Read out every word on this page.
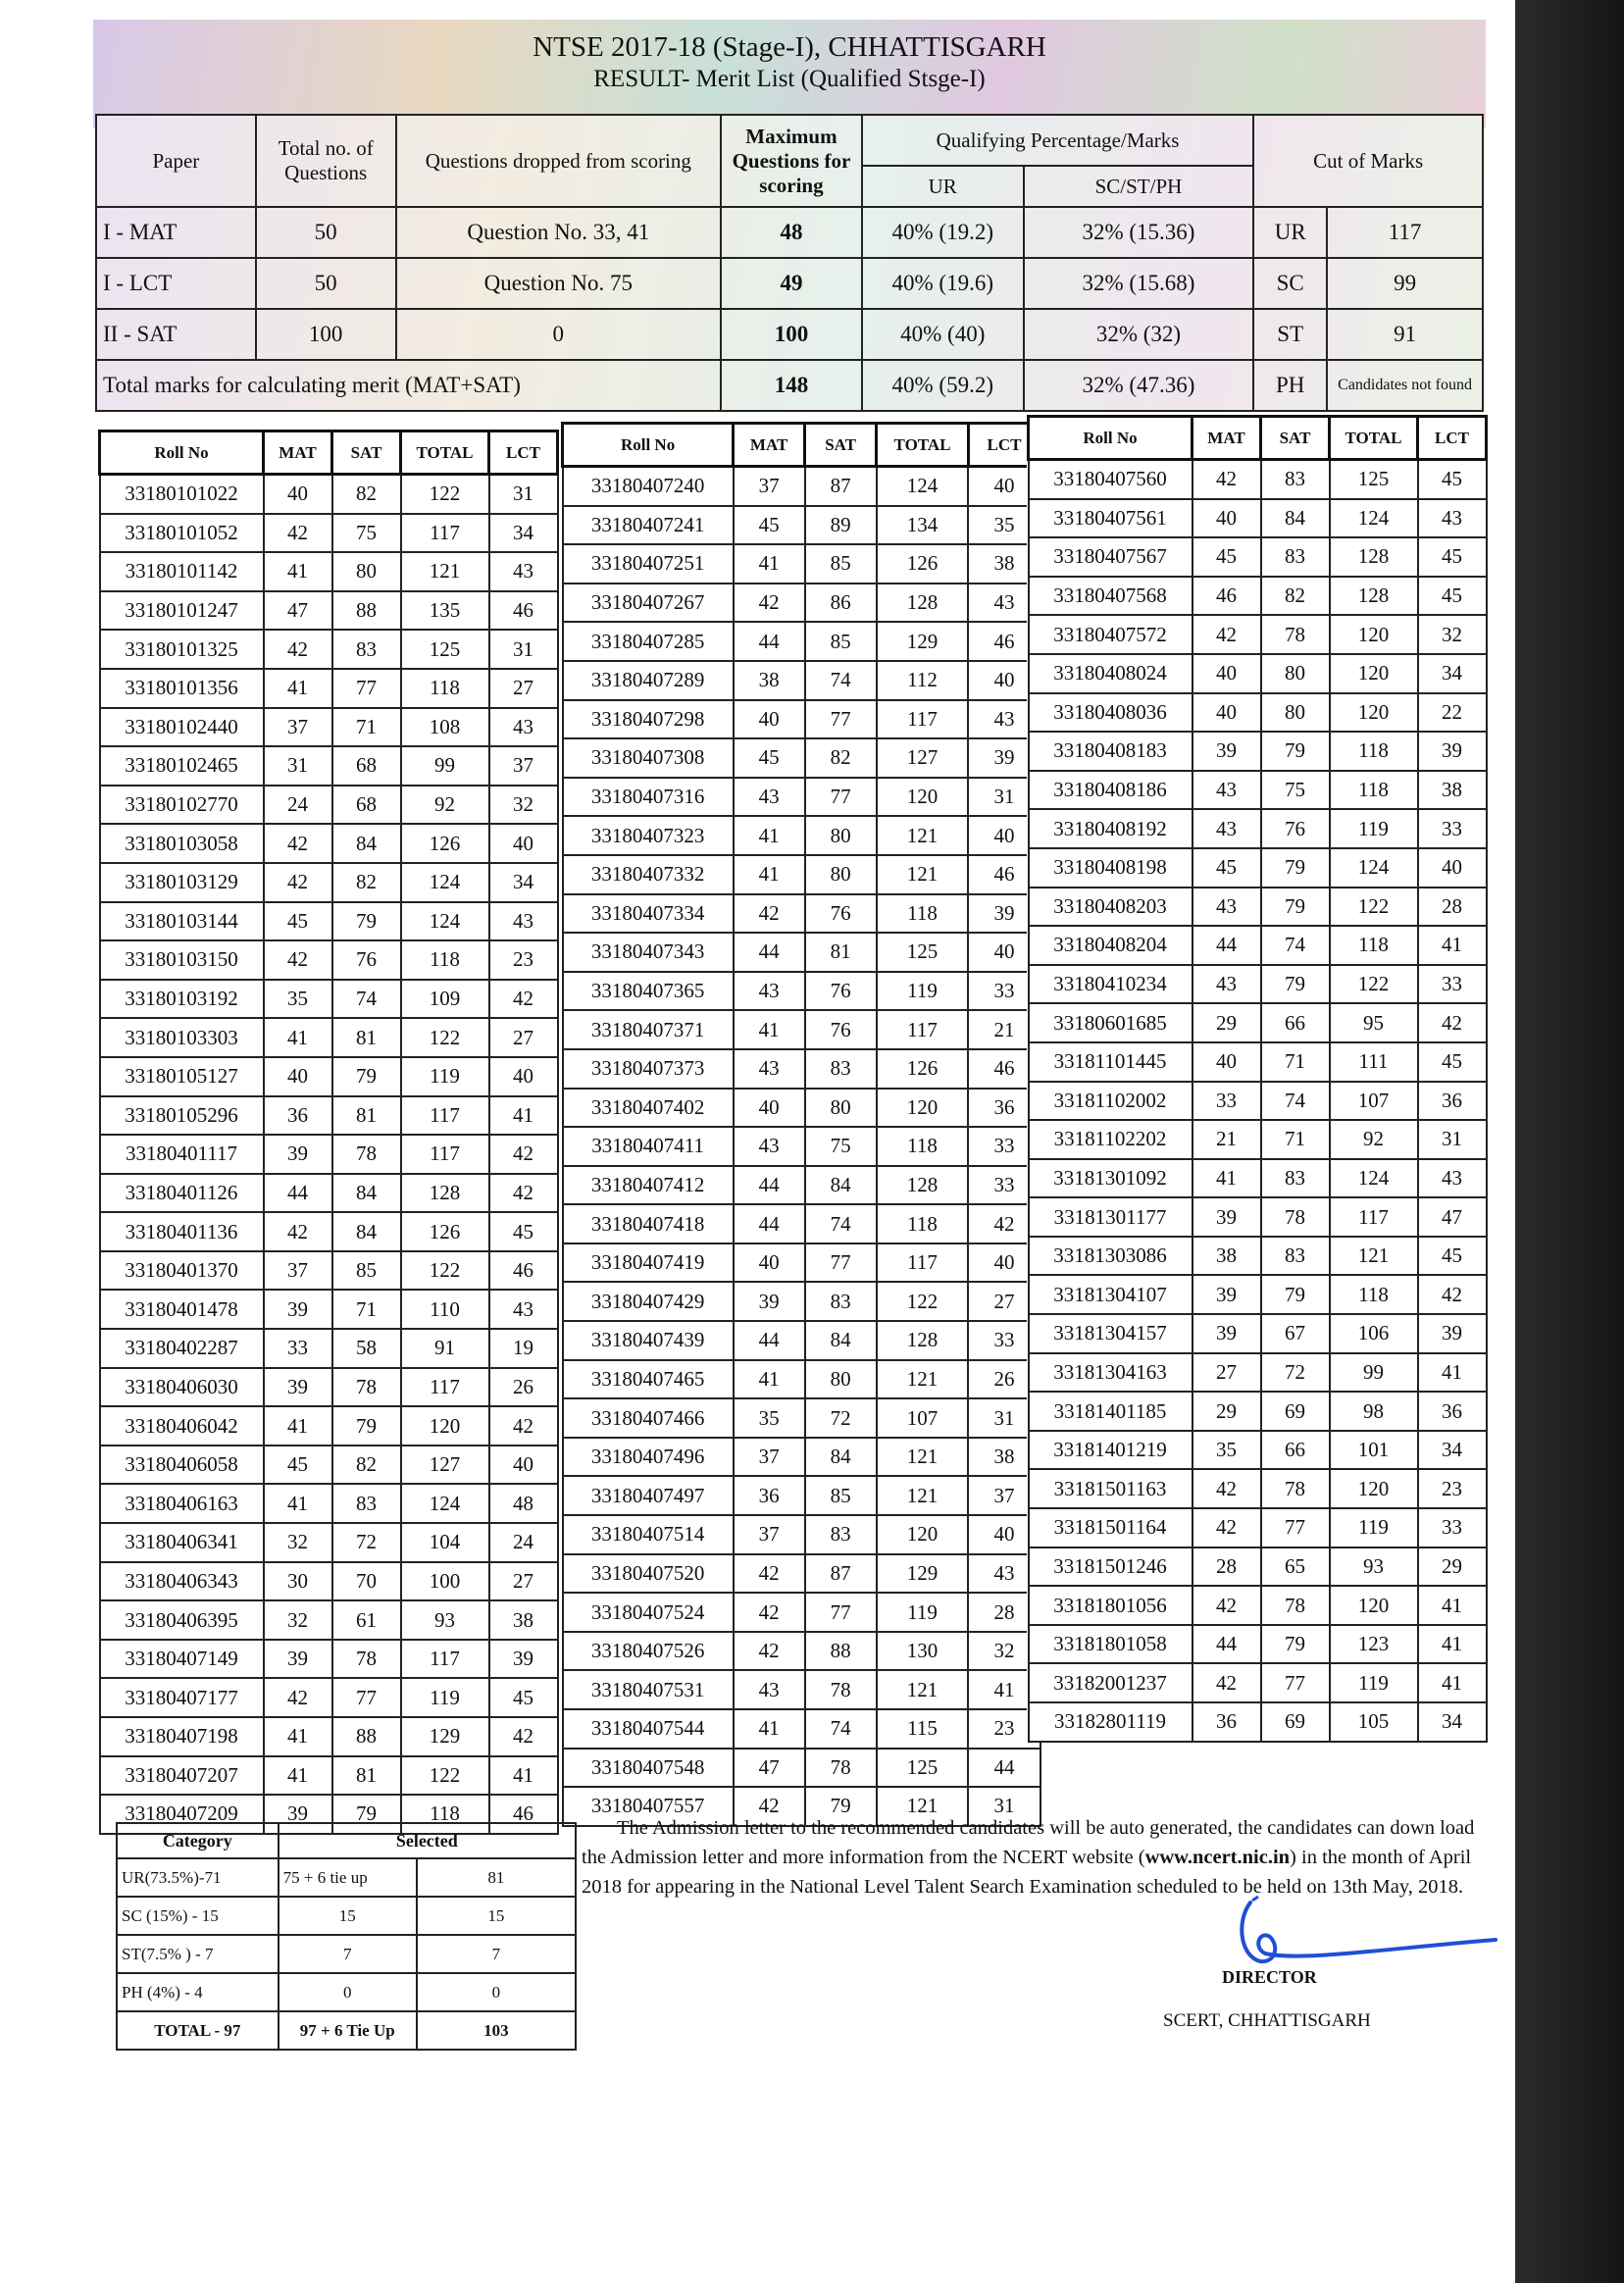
NTSE 2017-18 (Stage-I), CHHATTISGARH
RESULT- Merit List (Qualified Stsge-I)
Paper	Total no. of Questions	Questions dropped from scoring	Maximum Questions for scoring	Qualifying Percentage/Marks		Cut of Marks	
				UR	SC/ST/PH		
I - MAT	50	Question No. 33, 41	48	40% (19.2)	32% (15.36)	UR	117
I - LCT	50	Question No. 75	49	40% (19.6)	32% (15.68)	SC	99
II - SAT	100	0	100	40% (40)	32% (32)	ST	91
Total marks for calculating merit (MAT+SAT)			148	40% (59.2)	32% (47.36)	PH	Candidates not found
Roll No	MAT	SAT	TOTAL	LCT
33180101022	40	82	122	31
33180101052	42	75	117	34
33180101142	41	80	121	43
33180101247	47	88	135	46
33180101325	42	83	125	31
33180101356	41	77	118	27
33180102440	37	71	108	43
33180102465	31	68	99	37
33180102770	24	68	92	32
33180103058	42	84	126	40
33180103129	42	82	124	34
33180103144	45	79	124	43
33180103150	42	76	118	23
33180103192	35	74	109	42
33180103303	41	81	122	27
33180105127	40	79	119	40
33180105296	36	81	117	41
33180401117	39	78	117	42
33180401126	44	84	128	42
33180401136	42	84	126	45
33180401370	37	85	122	46
33180401478	39	71	110	43
33180402287	33	58	91	19
33180406030	39	78	117	26
33180406042	41	79	120	42
33180406058	45	82	127	40
33180406163	41	83	124	48
33180406341	32	72	104	24
33180406343	30	70	100	27
33180406395	32	61	93	38
33180407149	39	78	117	39
33180407177	42	77	119	45
33180407198	41	88	129	42
33180407207	41	81	122	41
33180407209	39	79	118	46
Roll No	MAT	SAT	TOTAL	LCT
33180407240	37	87	124	40
33180407241	45	89	134	35
33180407251	41	85	126	38
33180407267	42	86	128	43
33180407285	44	85	129	46
33180407289	38	74	112	40
33180407298	40	77	117	43
33180407308	45	82	127	39
33180407316	43	77	120	31
33180407323	41	80	121	40
33180407332	41	80	121	46
33180407334	42	76	118	39
33180407343	44	81	125	40
33180407365	43	76	119	33
33180407371	41	76	117	21
33180407373	43	83	126	46
33180407402	40	80	120	36
33180407411	43	75	118	33
33180407412	44	84	128	33
33180407418	44	74	118	42
33180407419	40	77	117	40
33180407429	39	83	122	27
33180407439	44	84	128	33
33180407465	41	80	121	26
33180407466	35	72	107	31
33180407496	37	84	121	38
33180407497	36	85	121	37
33180407514	37	83	120	40
33180407520	42	87	129	43
33180407524	42	77	119	28
33180407526	42	88	130	32
33180407531	43	78	121	41
33180407544	41	74	115	23
33180407548	47	78	125	44
33180407557	42	79	121	31
Roll No	MAT	SAT	TOTAL	LCT
33180407560	42	83	125	45
33180407561	40	84	124	43
33180407567	45	83	128	45
33180407568	46	82	128	45
33180407572	42	78	120	32
33180408024	40	80	120	34
33180408036	40	80	120	22
33180408183	39	79	118	39
33180408186	43	75	118	38
33180408192	43	76	119	33
33180408198	45	79	124	40
33180408203	43	79	122	28
33180408204	44	74	118	41
33180410234	43	79	122	33
33180601685	29	66	95	42
33181101445	40	71	111	45
33181102002	33	74	107	36
33181102202	21	71	92	31
33181301092	41	83	124	43
33181301177	39	78	117	47
33181303086	38	83	121	45
33181304107	39	79	118	42
33181304157	39	67	106	39
33181304163	27	72	99	41
33181401185	29	69	98	36
33181401219	35	66	101	34
33181501163	42	78	120	23
33181501164	42	77	119	33
33181501246	28	65	93	29
33181801056	42	78	120	41
33181801058	44	79	123	41
33182001237	42	77	119	41
33182801119	36	69	105	34
Category	Selected	
UR(73.5%)-71	75 + 6 tie up	81
SC (15%) - 15	15	15
ST(7.5% ) - 7	7	7
PH (4%) - 4	0	0
TOTAL - 97	97 + 6 Tie Up	103
The Admission letter to the recommended candidates will be auto generated, the candidates can down load the Admission letter and more information from the NCERT website (www.ncert.nic.in) in the month of April 2018 for appearing in the National Level Talent Search Examination scheduled to be held on 13th May, 2018.
DIRECTOR
SCERT, CHHATTISGARH
